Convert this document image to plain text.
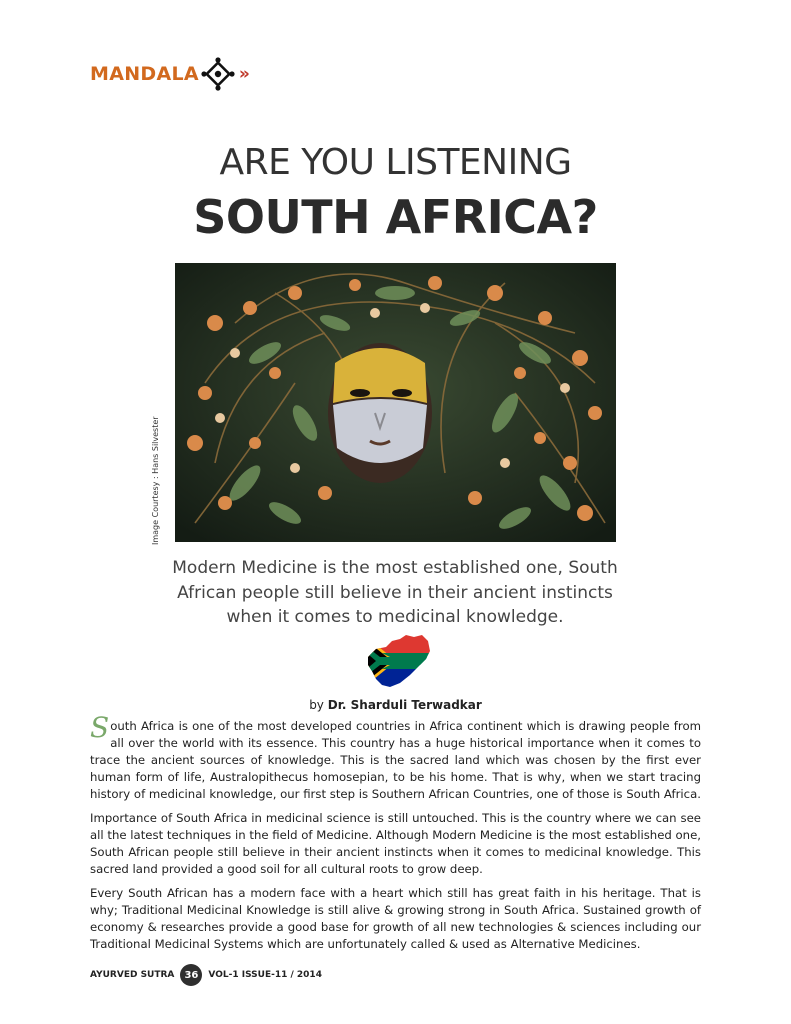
MANDALA »
ARE YOU LISTENING
SOUTH AFRICA?
Image Courtesy : Hans Silvester
Modern Medicine is the most established one, South African people still believe in their ancient instincts when it comes to medicinal knowledge.
by Dr. Sharduli Terwadkar

South Africa is one of the most developed countries in Africa continent which is drawing people from all over the world with its essence. This country has a huge historical importance when it comes to trace the ancient sources of knowledge. This is the sacred land which was chosen by the first ever human form of life, Australopithecus homosepian, to be his home. That is why, when we start tracing history of medicinal knowledge, our first step is Southern African Countries, one of those is South Africa.

Importance of South Africa in medicinal science is still untouched. This is the country where we can see all the latest techniques in the field of Medicine. Although Modern Medicine is the most established one, South African people still believe in their ancient instincts when it comes to medicinal knowledge. This sacred land provided a good soil for all cultural roots to grow deep.

Every South African has a modern face with a heart which still has great faith in his heritage. That is why; Traditional Medicinal Knowledge is still alive & growing strong in South Africa. Sustained growth of economy & researches provide a good base for growth of all new technologies & sciences including our Traditional Medicinal Systems which are unfortunately called & used as Alternative Medicines.

AYURVED SUTRA	36	VOL-1 ISSUE-11 / 2014
